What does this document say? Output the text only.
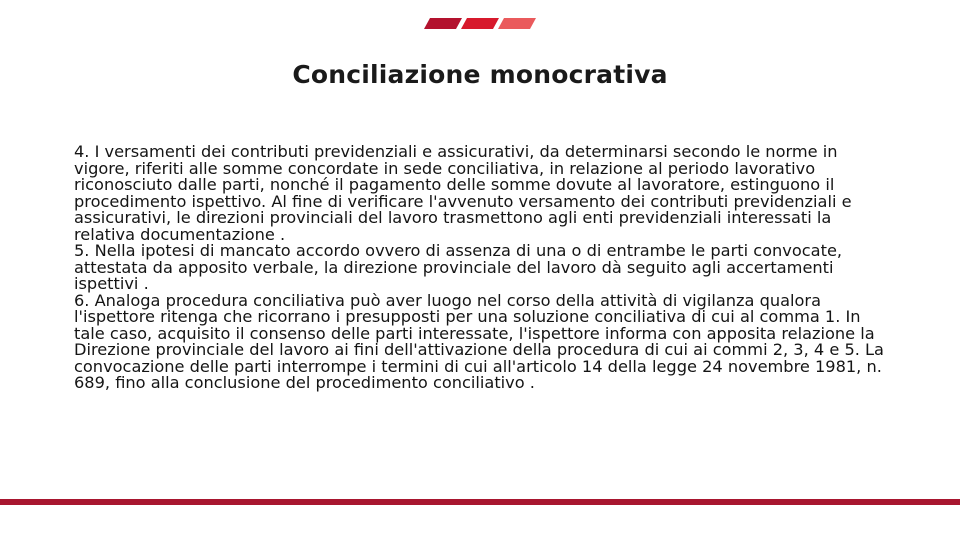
Conciliazione monocrativa

4. I versamenti dei contributi previdenziali e assicurativi, da determinarsi secondo le norme in vigore, riferiti alle somme concordate in sede conciliativa, in relazione al periodo lavorativo riconosciuto dalle parti, nonché il pagamento delle somme dovute al lavoratore, estinguono il procedimento ispettivo. Al fine di verificare l'avvenuto versamento dei contributi previdenziali e assicurativi, le direzioni provinciali del lavoro trasmettono agli enti previdenziali interessati la relativa documentazione .

5. Nella ipotesi di mancato accordo ovvero di assenza di una o di entrambe le parti convocate, attestata da apposito verbale, la direzione provinciale del lavoro dà seguito agli accertamenti ispettivi .

6. Analoga procedura conciliativa può aver luogo nel corso della attività di vigilanza qualora l'ispettore ritenga che ricorrano i presupposti per una soluzione conciliativa di cui al comma 1. In tale caso, acquisito il consenso delle parti interessate, l'ispettore informa con apposita relazione la Direzione provinciale del lavoro ai fini dell'attivazione della procedura di cui ai commi 2, 3, 4 e 5. La convocazione delle parti interrompe i termini di cui all'articolo 14 della legge 24 novembre 1981, n. 689, fino alla conclusione del procedimento conciliativo .
